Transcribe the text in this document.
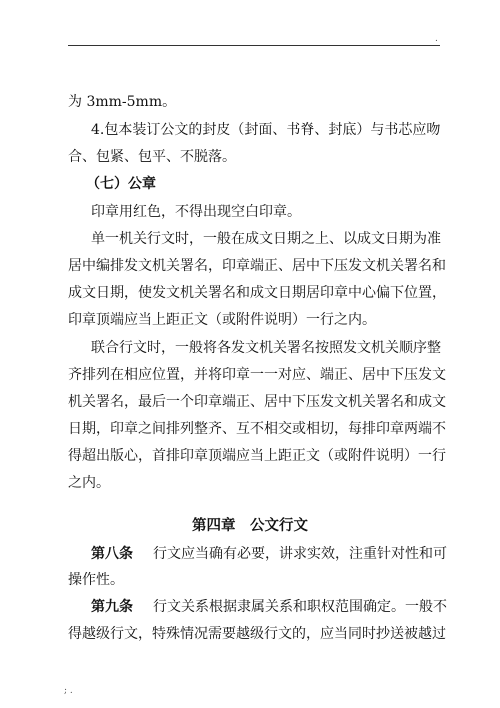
.
为 3mm-5mm。
4.包本装订公文的封皮（封面、书脊、封底）与书芯应吻
合、包紧、包平、不脱落。
（七）公章
印章用红色，不得出现空白印章。
单一机关行文时，一般在成文日期之上、以成文日期为准
居中编排发文机关署名，印章端正、居中下压发文机关署名和
成文日期，使发文机关署名和成文日期居印章中心偏下位置，
印章顶端应当上距正文（或附件说明）一行之内。
联合行文时，一般将各发文机关署名按照发文机关顺序整
齐排列在相应位置，并将印章一一对应、端正、居中下压发文
机关署名，最后一个印章端正、居中下压发文机关署名和成文
日期，印章之间排列整齐、互不相交或相切，每排印章两端不
得超出版心，首排印章顶端应当上距正文（或附件说明）一行
之内。
第四章　公文行文
第八条 行文应当确有必要，讲求实效，注重针对性和可
操作性。
第九条 行文关系根据隶属关系和职权范围确定。一般不
得越级行文，特殊情况需要越级行文的，应当同时抄送被越过
; .
